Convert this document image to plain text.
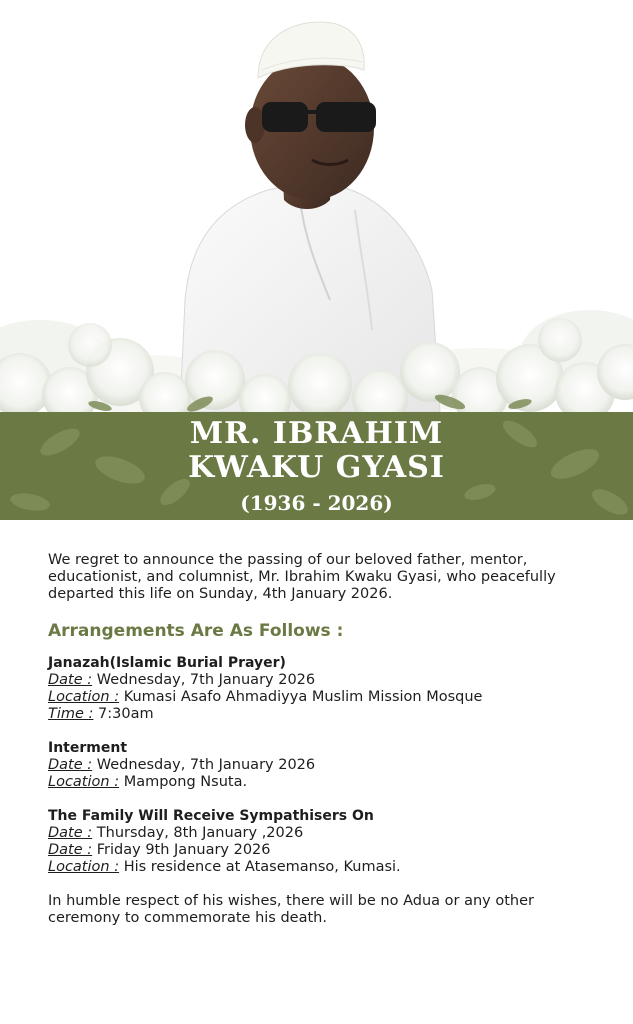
MR. IBRAHIM
KWAKU GYASI
(1936 - 2026)

We regret to announce the passing of our beloved father, mentor, educationist, and columnist, Mr. Ibrahim Kwaku Gyasi, who peacefully departed this life on Sunday, 4th January 2026.

Arrangements Are As Follows :

Janazah(Islamic Burial Prayer)

Date : Wednesday, 7th January 2026

Location : Kumasi Asafo Ahmadiyya Muslim Mission Mosque

Time : 7:30am

Interment

Date : Wednesday, 7th January 2026

Location : Mampong Nsuta.

The Family Will Receive Sympathisers On

Date : Thursday, 8th January ,2026

Date : Friday 9th January 2026

Location : His residence at Atasemanso, Kumasi.

In humble respect of his wishes, there will be no Adua or any other ceremony to commemorate his death.
